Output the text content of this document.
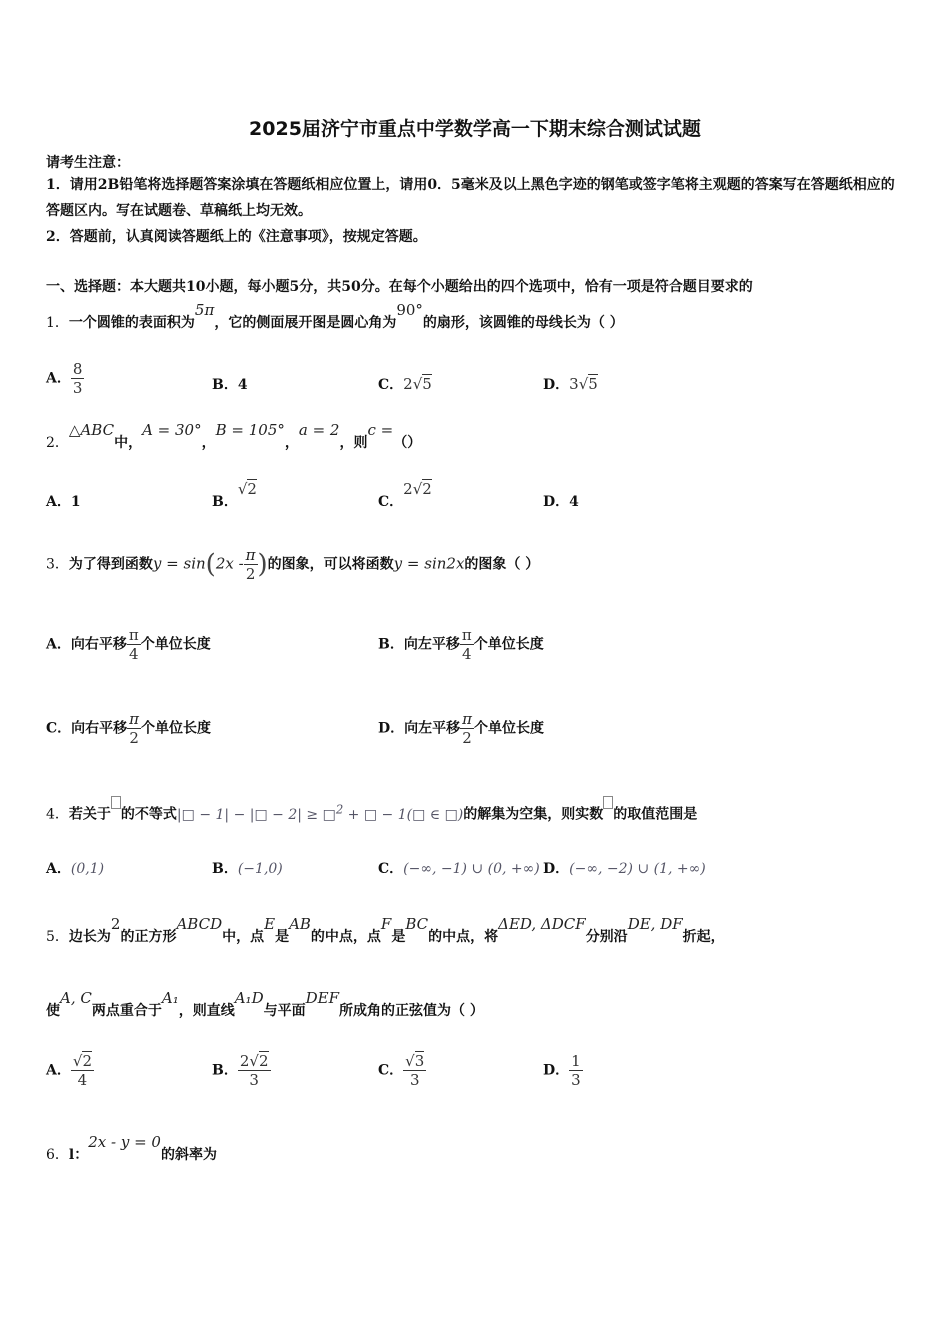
2025届济宁市重点中学数学高一下期末综合测试试题
请考生注意：
1．请用2B铅笔将选择题答案涂填在答题纸相应位置上，请用0．5毫米及以上黑色字迹的钢笔或签字笔将主观题的答案写在答题纸相应的答题区内。写在试题卷、草稿纸上均无效。
2．答题前，认真阅读答题纸上的《注意事项》，按规定答题。
一、选择题：本大题共10小题，每小题5分，共50分。在每个小题给出的四个选项中，恰有一项是符合题目要求的
1．一个圆锥的表面积为5π，它的侧面展开图是圆心角为90°的扇形，该圆锥的母线长为（ ）
A． $\frac{8}{3}$	B．4	C．2√5	D．3√5
2．△ABC中，A = 30°，B = 105°，a = 2，则c =（）
A．1	B．√2
C．2√2
D．4
3．为了得到函数$y = \sin(2x - \frac{\pi}{2}$ )的图象，可以将函数y = sin2x的图象（ ）
A．向右平移 $\frac{\pi}{4}$ 个单位长度	B．向左平移 $\frac{\pi}{4}$ 个单位长度
C．向右平移 $\frac{\pi}{2}$ 个单位长度	D．向左平移 $\frac{\pi}{2}$ 个单位长度
4．若关于 的不等式|□ − 1| − |□ − 2| ≥ □$^2$ + □ − 1(□ ∈ □)的解集为空集，则实数 的取值范围是
A．(0,1)	B．(−1,0)	C．(−∞, −1) ∪ (0, +∞) D．(−∞, −2) ∪ (1, +∞)
5．边长为2的正方形ABCD中，点E是AB的中点，点F是BC的中点，将ΔED, ΔDCF分别沿DE, DF折起，
使A, C两点重合于A₁，则直线A₁D与平面DEF所成角的正弦值为（ ）
A． $\frac{√2}{4}$	B． $\frac{2√2}{3}$	C． $\frac{√3}{3}$	D． $\frac{1}{3}$
6．l：2x - y = 0的斜率为
